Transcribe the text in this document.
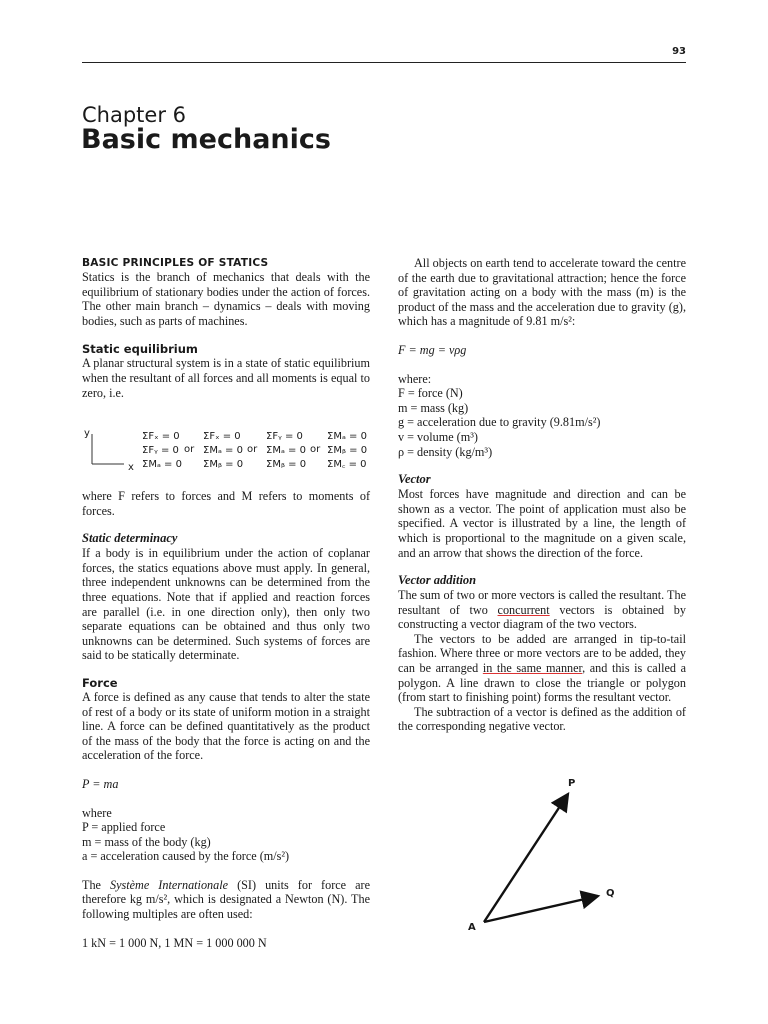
93
Chapter 6
Basic mechanics
BASIC PRINCIPLES OF STATICS

Statics is the branch of mechanics that deals with the equilibrium of stationary bodies under the action of forces. The other main branch – dynamics – deals with moving bodies, such as parts of machines.

Static equilibrium

A planar structural system is in a state of static equilibrium when the resultant of all forces and all moments is equal to zero, i.e.

y
x
ΣFₓ = 0
ΣFᵧ = 0
ΣMₐ = 0
or
ΣFₓ = 0
ΣMₐ = 0
ΣMᵦ = 0
or
ΣFᵧ = 0
ΣMₐ = 0
ΣMᵦ = 0
or
ΣMₐ = 0
ΣMᵦ = 0
ΣM꜀ = 0

where F refers to forces and M refers to moments of forces.

Static determinacy

If a body is in equilibrium under the action of coplanar forces, the statics equations above must apply. In general, three independent unknowns can be determined from the three equations. Note that if applied and reaction forces are parallel (i.e. in one direction only), then only two separate equations can be obtained and thus only two unknowns can be determined. Such systems of forces are said to be statically determinate.

Force

A force is defined as any cause that tends to alter the state of rest of a body or its state of uniform motion in a straight line. A force can be defined quantitatively as the product of the mass of the body that the force is acting on and the acceleration of the force.

P = ma

where

P = applied force

m = mass of the body (kg)

a = acceleration caused by the force (m/s²)

The Système Internationale (SI) units for force are therefore kg m/s², which is designated a Newton (N). The following multiples are often used:

1 kN = 1 000 N, 1 MN = 1 000 000 N

All objects on earth tend to accelerate toward the centre of the earth due to gravitational attraction; hence the force of gravitation acting on a body with the mass (m) is the product of the mass and the acceleration due to gravity (g), which has a magnitude of 9.81 m/s²:

F = mg = vρg

where:

F = force (N)

m = mass (kg)

g = acceleration due to gravity (9.81m/s²)

v = volume (m³)

ρ = density (kg/m³)

Vector

Most forces have magnitude and direction and can be shown as a vector. The point of application must also be specified. A vector is illustrated by a line, the length of which is proportional to the magnitude on a given scale, and an arrow that shows the direction of the force.

Vector addition

The sum of two or more vectors is called the resultant. The resultant of two concurrent vectors is obtained by constructing a vector diagram of the two vectors.

The vectors to be added are arranged in tip-to-tail fashion. Where three or more vectors are to be added, they can be arranged in the same manner, and this is called a polygon. A line drawn to close the triangle or polygon (from start to finishing point) forms the resultant vector.

The subtraction of a vector is defined as the addition of the corresponding negative vector.

P
Q
A
